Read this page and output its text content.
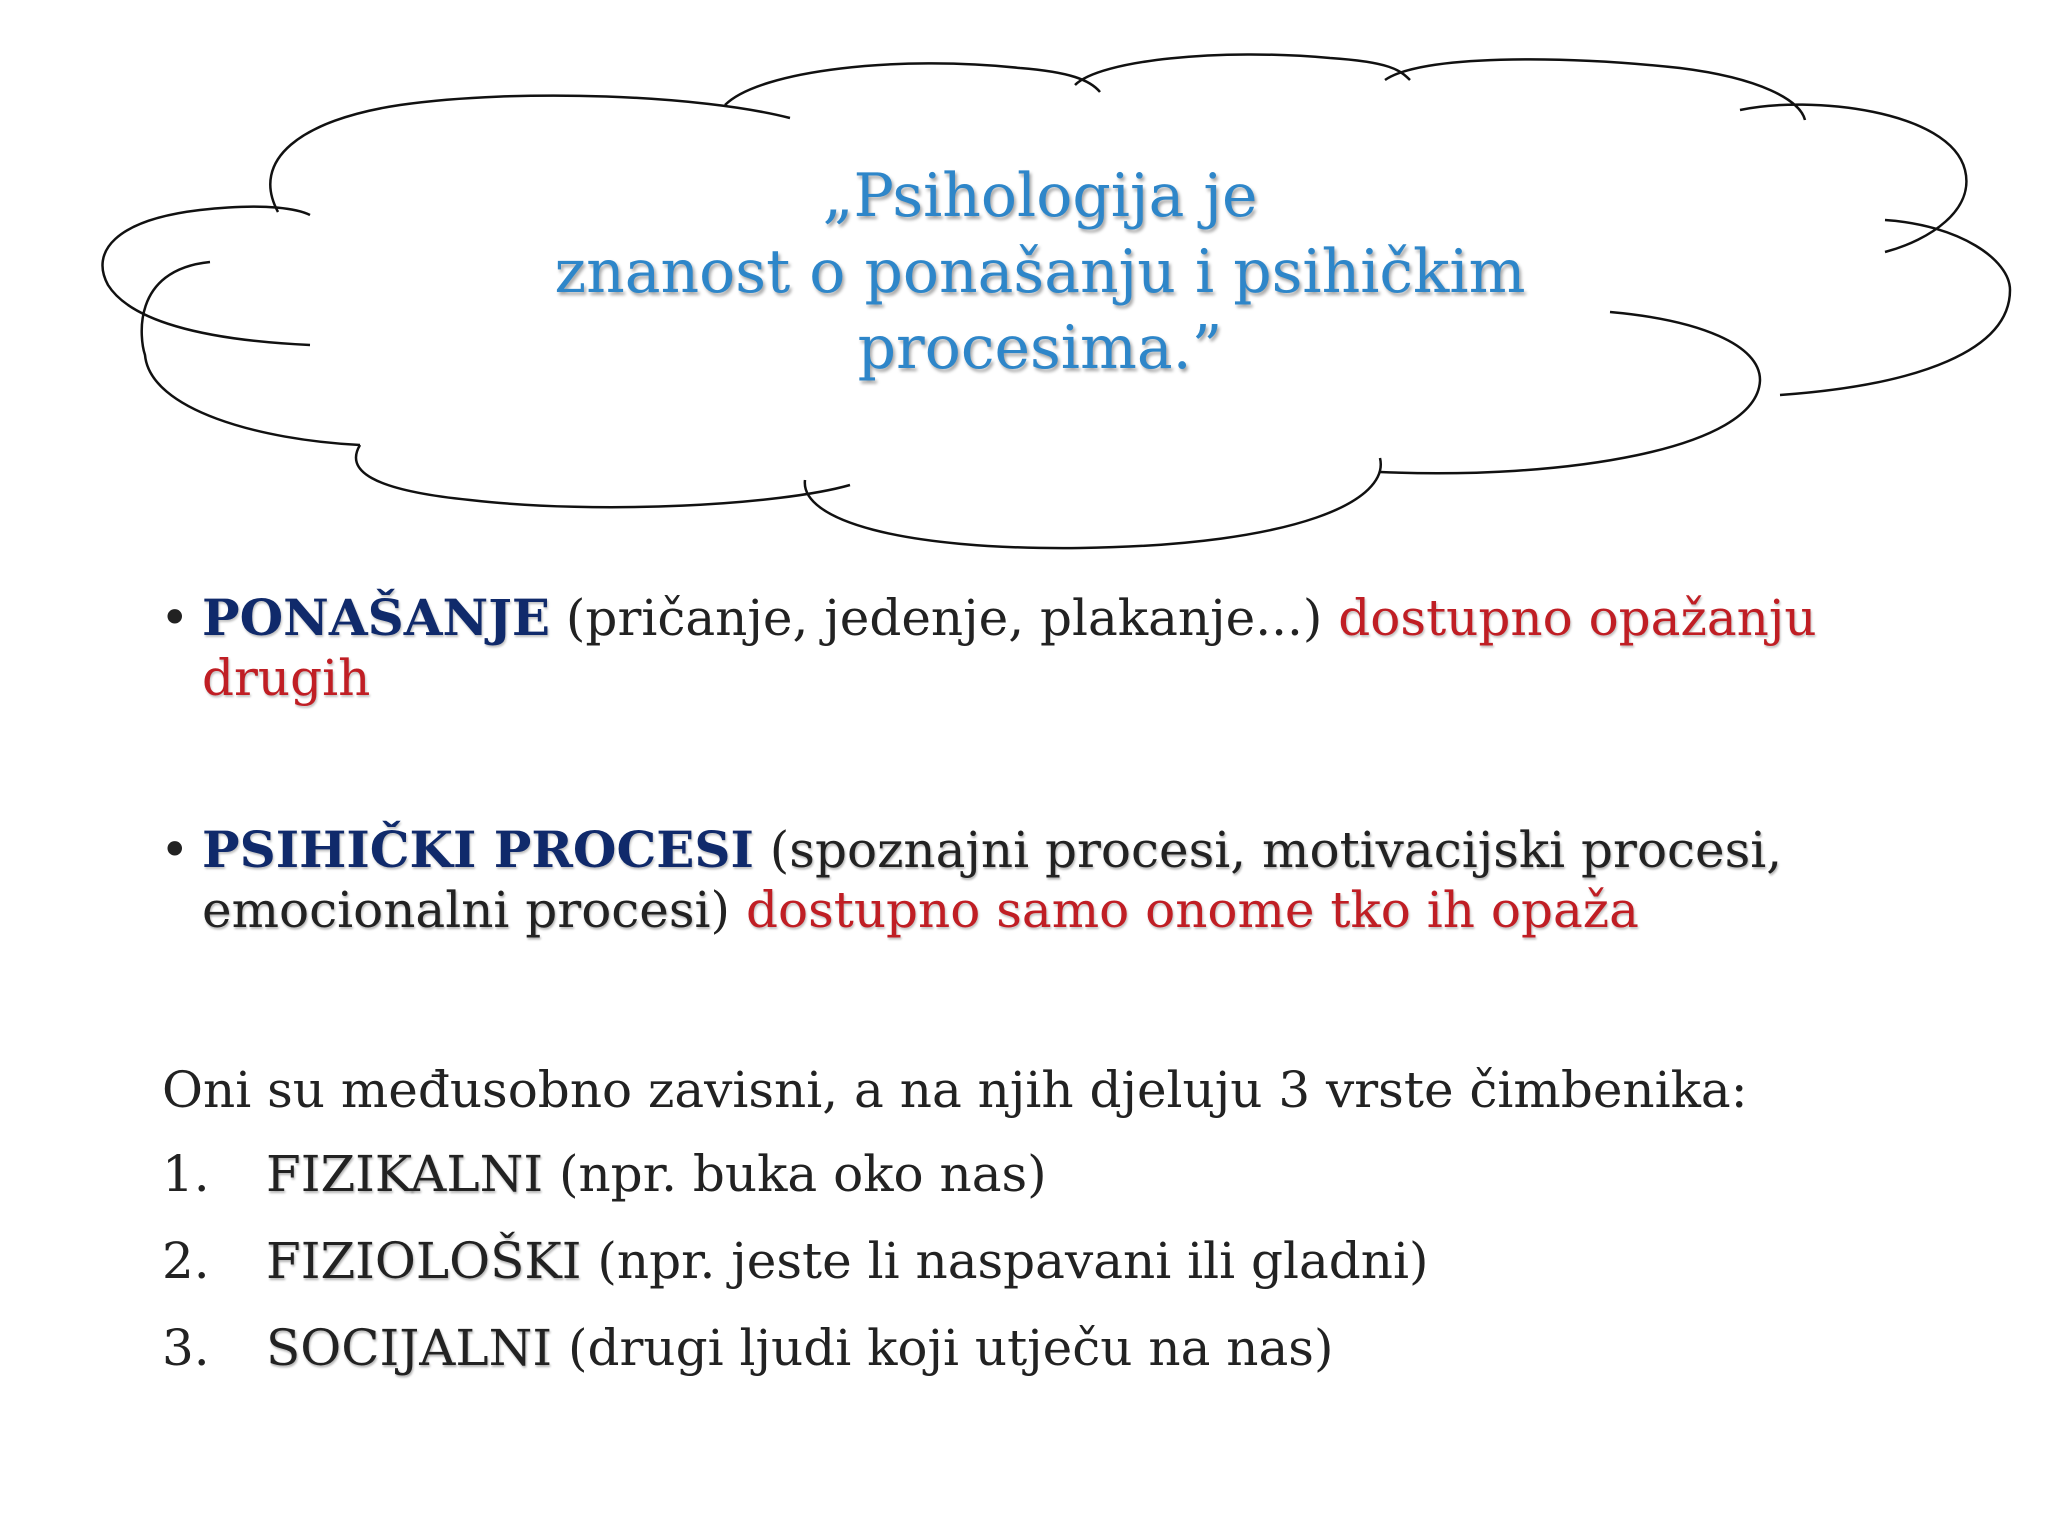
„Psihologija je
znanost o ponašanju i psihičkim
procesima.”
• PONAŠANJE (pričanje, jedenje, plakanje...) dostupno opažanju drugih
• PSIHIČKI PROCESI (spoznajni procesi, motivacijski procesi, emocionalni procesi) dostupno samo onome tko ih opaža
Oni su međusobno zavisni, a na njih djeluju 3 vrste čimbenika:
1.	FIZIKALNI (npr. buka oko nas)
2.	FIZIOLOŠKI (npr. jeste li naspavani ili gladni)
3.	SOCIJALNI (drugi ljudi koji utječu na nas)
